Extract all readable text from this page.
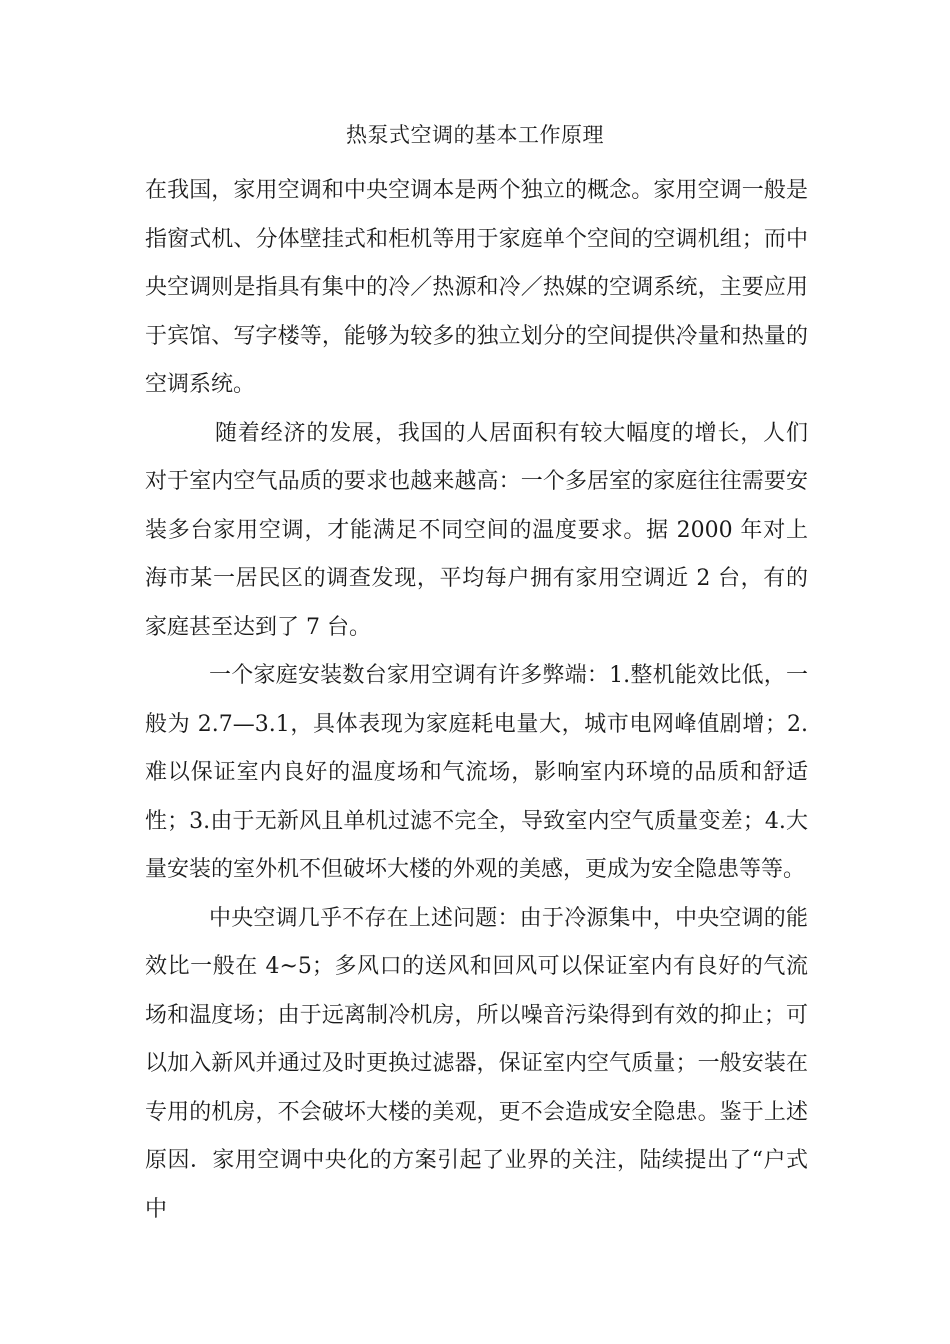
热泵式空调的基本工作原理

在我国，家用空调和中央空调本是两个独立的概念。家用空调一般是指窗式机、分体壁挂式和柜机等用于家庭单个空间的空调机组；而中央空调则是指具有集中的冷／热源和冷／热媒的空调系统，主要应用于宾馆、写字楼等，能够为较多的独立划分的空间提供冷量和热量的空调系统。

随着经济的发展，我国的人居面积有较大幅度的增长，人们对于室内空气品质的要求也越来越高：一个多居室的家庭往往需要安装多台家用空调，才能满足不同空间的温度要求。据 2000 年对上海市某一居民区的调查发现，平均每户拥有家用空调近 2 台，有的家庭甚至达到了 7 台。

一个家庭安装数台家用空调有许多弊端：1.整机能效比低，一般为 2.7—3.1，具体表现为家庭耗电量大，城市电网峰值剧增；2.难以保证室内良好的温度场和气流场，影响室内环境的品质和舒适性；3.由于无新风且单机过滤不完全，导致室内空气质量变差；4.大量安装的室外机不但破坏大楼的外观的美感，更成为安全隐患等等。

中央空调几乎不存在上述问题：由于冷源集中，中央空调的能效比一般在 4~5；多风口的送风和回风可以保证室内有良好的气流场和温度场；由于远离制冷机房，所以噪音污染得到有效的抑止；可以加入新风并通过及时更换过滤器，保证室内空气质量；一般安装在专用的机房，不会破坏大楼的美观，更不会造成安全隐患。鉴于上述原因．家用空调中央化的方案引起了业界的关注，陆续提出了“户式中
